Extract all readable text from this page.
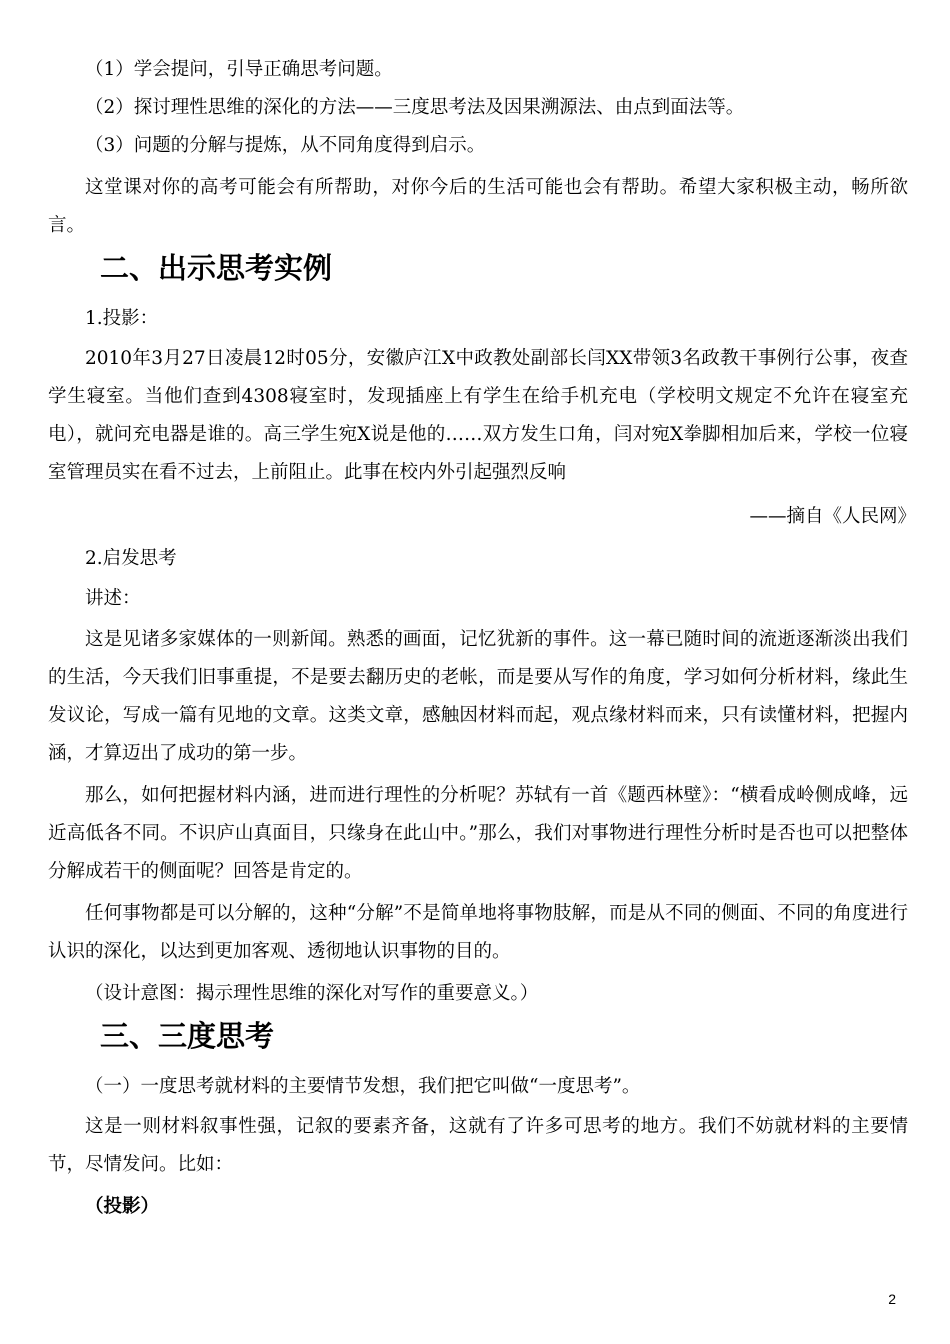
（1）学会提问，引导正确思考问题。

（2）探讨理性思维的深化的方法——三度思考法及因果溯源法、由点到面法等。

（3）问题的分解与提炼，从不同角度得到启示。

这堂课对你的高考可能会有所帮助，对你今后的生活可能也会有帮助。希望大家积极主动，畅所欲言。

二、出示思考实例

1.投影：

2010年3月27日凌晨12时05分，安徽庐江X中政教处副部长闫XX带领3名政教干事例行公事，夜查学生寝室。当他们查到4308寝室时，发现插座上有学生在给手机充电（学校明文规定不允许在寝室充电），就问充电器是谁的。高三学生宛X说是他的……双方发生口角，闫对宛X拳脚相加后来，学校一位寝室管理员实在看不过去，上前阻止。此事在校内外引起强烈反响

——摘自《人民网》

2.启发思考

讲述：

这是见诸多家媒体的一则新闻。熟悉的画面，记忆犹新的事件。这一幕已随时间的流逝逐渐淡出我们的生活，今天我们旧事重提，不是要去翻历史的老帐，而是要从写作的角度，学习如何分析材料，缘此生发议论，写成一篇有见地的文章。这类文章，感触因材料而起，观点缘材料而来，只有读懂材料，把握内涵，才算迈出了成功的第一步。

那么，如何把握材料内涵，进而进行理性的分析呢？苏轼有一首《题西林壁》：“横看成岭侧成峰，远近高低各不同。不识庐山真面目，只缘身在此山中。”那么，我们对事物进行理性分析时是否也可以把整体分解成若干的侧面呢？回答是肯定的。

任何事物都是可以分解的，这种“分解”不是简单地将事物肢解，而是从不同的侧面、不同的角度进行认识的深化，以达到更加客观、透彻地认识事物的目的。

（设计意图：揭示理性思维的深化对写作的重要意义。）

三、三度思考

（一）一度思考就材料的主要情节发想，我们把它叫做“一度思考”。

这是一则材料叙事性强，记叙的要素齐备，这就有了许多可思考的地方。我们不妨就材料的主要情节，尽情发问。比如：

（投影）

2
